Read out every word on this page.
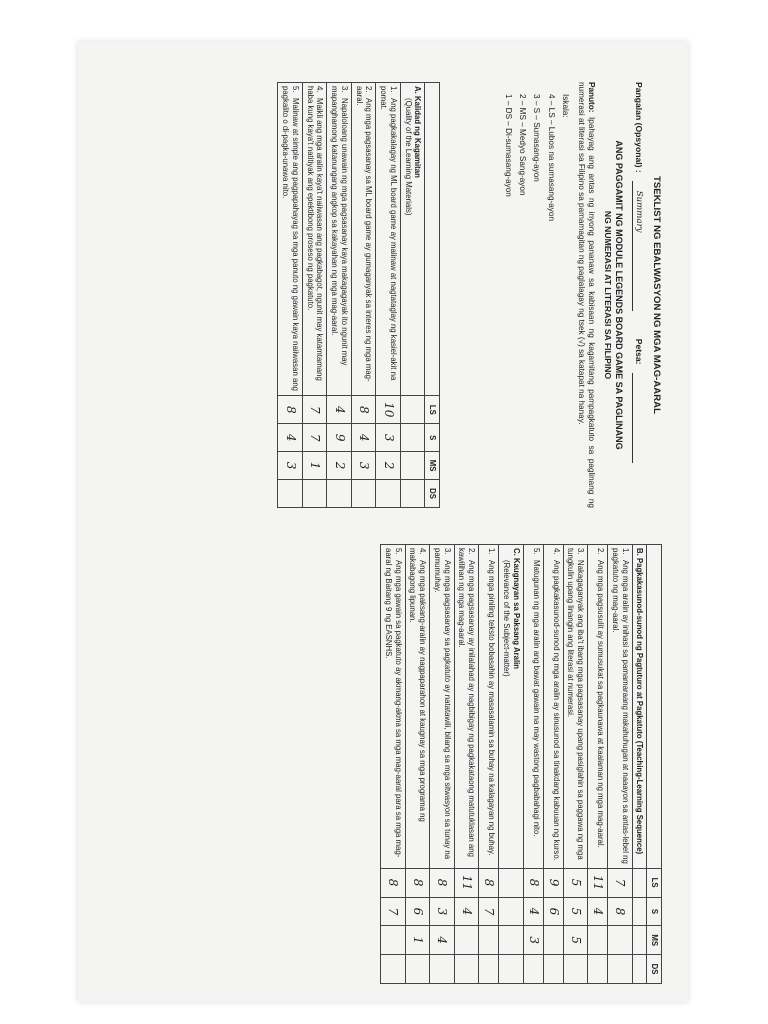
TSEKLIST NG EBALWASYON NG MGA MAG-AARAL

Pangalan (Opsyonal) :
Summary
Petsa:

ANG PAGGAMIT NG MODULE LEGENDS BOARD GAME SA PAGLINANG

NG NUMERASI AT LITERASI SA FILIPINO

Panuto: Ipahayag ang antas ng inyong pananaw sa kabisaan ng kagamitang pampagkatuto sa paglinang ng numerasi at literasi sa Filipino sa pamamagitan ng paglalagay ng tsek (√) sa katapat na hanay.
Iskala:
4 – LS – Lubos na sumasang-ayon
3 – S – Sumasang-ayon
2 – MS – Medyo Sang-ayon
1 – DS – Di-sumasang-ayon
	LS	S	MS	DS

A. Kalidad ng Kagamitan
(Quality of the Learning Materials)				

1.Ang pagkakalagay ng ML board game ay malinaw at nagtataglay ng kasiel-akit na pomat.	10	3	2	
2.Ang mga pagsasanay sa ML board game ay gumaganyak sa interes ng mga mag-aaral.	8	4	3	
3.Napaloloang unawain ng mga pagsasanay kaya makagagayak ito ngunit may mapanghamong katanungang angkop sa kakayahan ng mga mag-aaral.	4	9	2	
4.Maikli ang mga aralin kaya't naiiwasan ang pagkabagot, ngunit may katamtamang haba kung kaya't natitiyak ang epektibong proseso ng pagkatuto.	7	7	1	
5.Malinaw at simple ang pagpapahayag sa mga panuto ng gawain kaya naiiwasan ang pagkalito o di-pagka-unawa nito.	8	4	3	
	LS	S	MS	DS
B. Pagkakasunod-sunod ng Pagtuturo at Pagkatuto (Teaching-Learning Sequence)				
1.Ang mga aralin ay inihasi sa pamamaraang makahuhugan at naaayon sa antas-lebel ng pagkatuto ng mag-aaral.	7	8		
2.Ang mga pagsusulit ay sumusukat sa pagkaunawa at kaalaman ng mga mag-aaral.	11	4		
3.Nakagaganyak ang iba't ibang mga pagsasanay upang pasiglahin sa paggawa ng mga tungkulin upang linangin ang literasi at numerasi.	5	5	5	
4.Ang pagkakasunod-sunod ng mga aralin ay sinusunod sa tinakdang kabuuan ng kurso.	9	6		
5.Matugunan ng mga aralin ang bawat gawain na may wastong pagbabahagi nito.	8	4	3	

C. Kaugnayan sa Paksang Aralin
(Relevance of the Subject-matter)				

1.Ang mga piniling teksto bobasahin ay masasalamin sa buhay na kalagayan ng buhay.	8	7		
2.Ang mga pagsasanay ay inilalahad ay nagbibigay ng pagkakataong matutuklasan ang kawilihan ng mga mag-aaral.	11	4		
3.Ang mga pagsasanay sa pagkatuto ay natatawili, bilang sa mga sitwasyon sa tunay na pamumuhay.	8	3	4	
4.Ang mga paksang-aralin ay nagpaparahon at kaugnay sa mga programa ng makabagong lipunan.	8	6	1	
5.Ang mga gawain sa pagkatuto ay akmang-akma sa mga mag-aaral para sa mga mag-aaral ng Baitang 9 ng EASNHS.	8	7		
